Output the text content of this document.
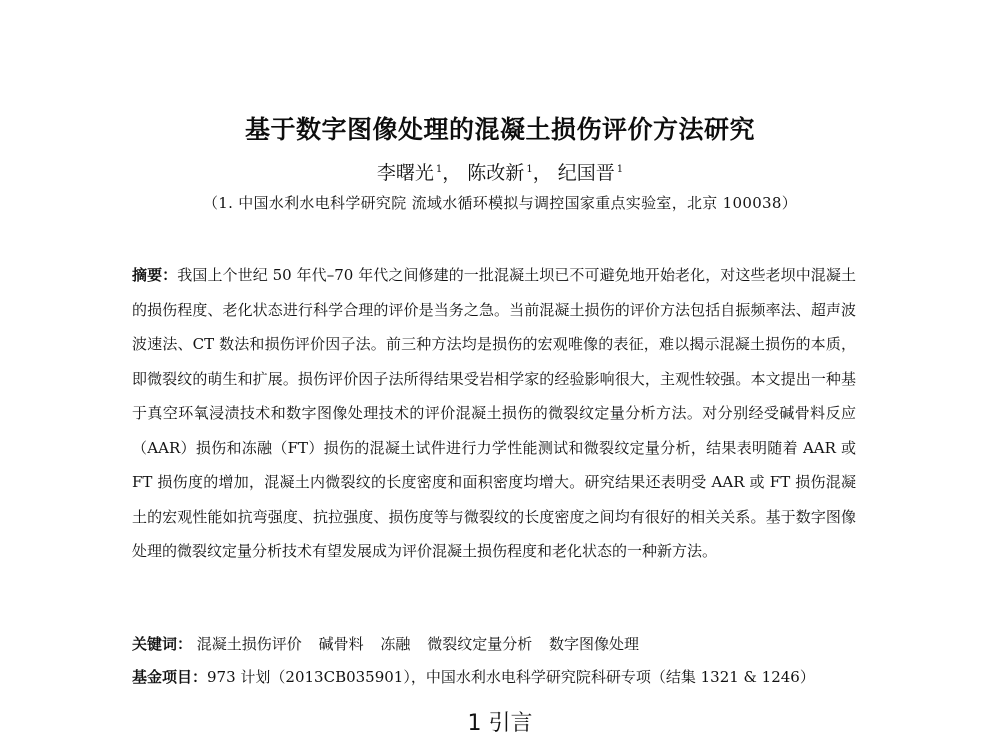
基于数字图像处理的混凝土损伤评价方法研究
李曙光 $^1$， 陈改新 $^1$， 纪国晋 $^1$
（1. 中国水利水电科学研究院 流域水循环模拟与调控国家重点实验室，北京 100038）
摘要：我国上个世纪 50 年代–70 年代之间修建的一批混凝土坝已不可避免地开始老化，对这些老坝中混凝土的损伤程度、老化状态进行科学合理的评价是当务之急。当前混凝土损伤的评价方法包括自振频率法、超声波波速法、CT 数法和损伤评价因子法。前三种方法均是损伤的宏观唯像的表征，难以揭示混凝土损伤的本质，即微裂纹的萌生和扩展。损伤评价因子法所得结果受岩相学家的经验影响很大，主观性较强。本文提出一种基于真空环氧浸渍技术和数字图像处理技术的评价混凝土损伤的微裂纹定量分析方法。对分别经受碱骨料反应（AAR）损伤和冻融（FT）损伤的混凝土试件进行力学性能测试和微裂纹定量分析，结果表明随着 AAR 或 FT 损伤度的增加，混凝土内微裂纹的长度密度和面积密度均增大。研究结果还表明受 AAR 或 FT 损伤混凝土的宏观性能如抗弯强度、抗拉强度、损伤度等与微裂纹的长度密度之间均有很好的相关关系。基于数字图像处理的微裂纹定量分析技术有望发展成为评价混凝土损伤程度和老化状态的一种新方法。
关键词： 混凝土损伤评价 碱骨料 冻融 微裂纹定量分析 数字图像处理
基金项目：973 计划（2013CB035901），中国水利水电科学研究院科研专项（结集 1321 & 1246）
1 引言
